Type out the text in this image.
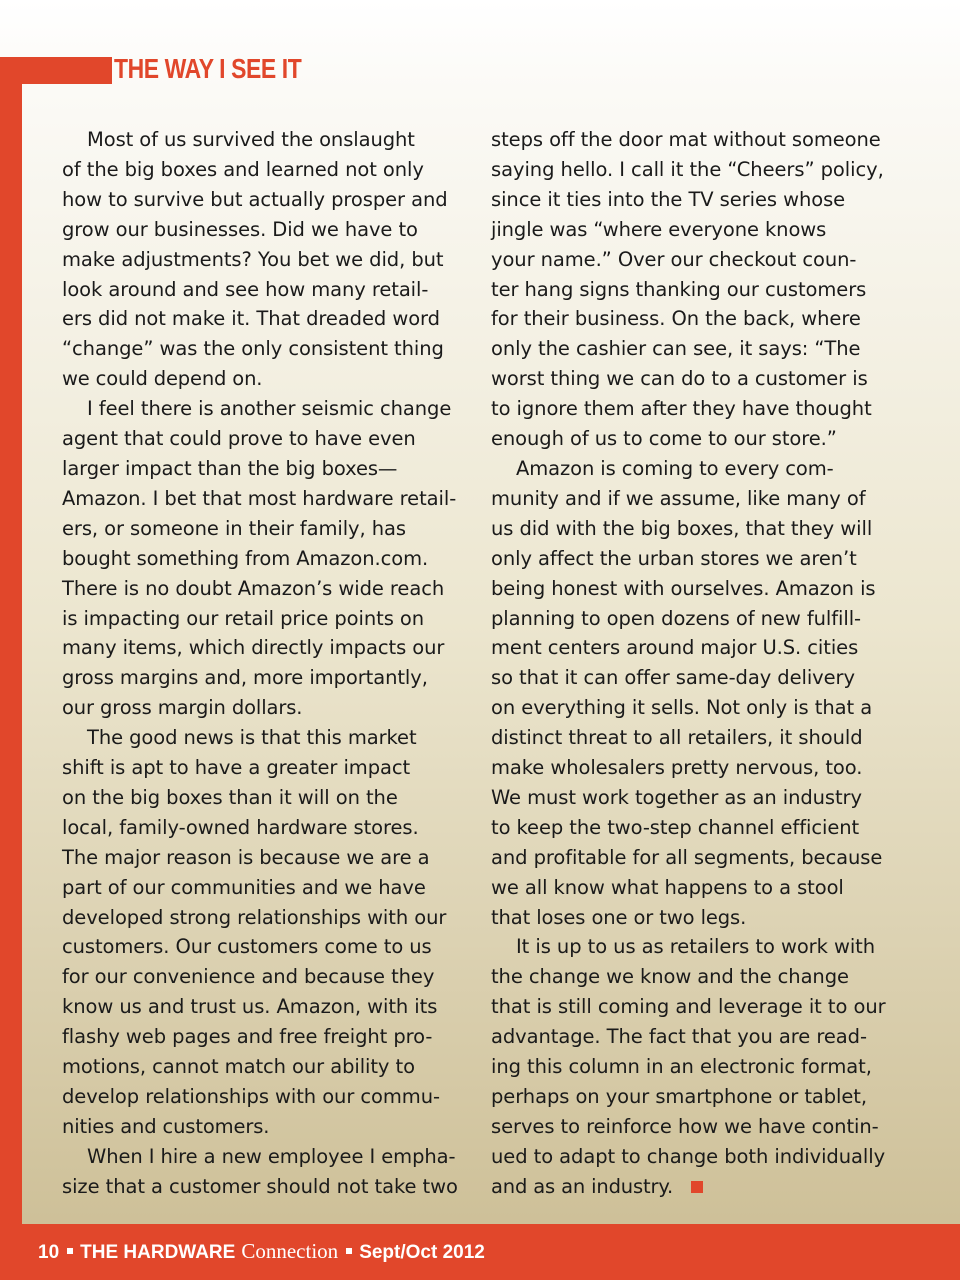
THE WAY I SEE IT

Most of us survived the onslaught

of the big boxes and learned not only

how to survive but actually prosper and

grow our businesses. Did we have to

make adjustments? You bet we did, but

look around and see how many retail-

ers did not make it. That dreaded word

“change” was the only consistent thing

we could depend on.

I feel there is another seismic change

agent that could prove to have even

larger impact than the big boxes—

Amazon. I bet that most hardware retail-

ers, or someone in their family, has

bought something from Amazon.com.

There is no doubt Amazon’s wide reach

is impacting our retail price points on

many items, which directly impacts our

gross margins and, more importantly,

our gross margin dollars.

The good news is that this market

shift is apt to have a greater impact

on the big boxes than it will on the

local, family-owned hardware stores.

The major reason is because we are a

part of our communities and we have

developed strong relationships with our

customers. Our customers come to us

for our convenience and because they

know us and trust us. Amazon, with its

flashy web pages and free freight pro-

motions, cannot match our ability to

develop relationships with our commu-

nities and customers.

When I hire a new employee I empha-

size that a customer should not take two

steps off the door mat without someone

saying hello. I call it the “Cheers” policy,

since it ties into the TV series whose

jingle was “where everyone knows

your name.” Over our checkout coun-

ter hang signs thanking our customers

for their business. On the back, where

only the cashier can see, it says: “The

worst thing we can do to a customer is

to ignore them after they have thought

enough of us to come to our store.”

Amazon is coming to every com-

munity and if we assume, like many of

us did with the big boxes, that they will

only affect the urban stores we aren’t

being honest with ourselves. Amazon is

planning to open dozens of new fulfill-

ment centers around major U.S. cities

so that it can offer same-day delivery

on everything it sells. Not only is that a

distinct threat to all retailers, it should

make wholesalers pretty nervous, too.

We must work together as an industry

to keep the two-step channel efficient

and profitable for all segments, because

we all know what happens to a stool

that loses one or two legs.

It is up to us as retailers to work with

the change we know and the change

that is still coming and leverage it to our

advantage. The fact that you are read-

ing this column in an electronic format,

perhaps on your smartphone or tablet,

serves to reinforce how we have contin-

ued to adapt to change both individually

and as an industry.

10 THE HARDWARE Connection Sept/Oct 2012
